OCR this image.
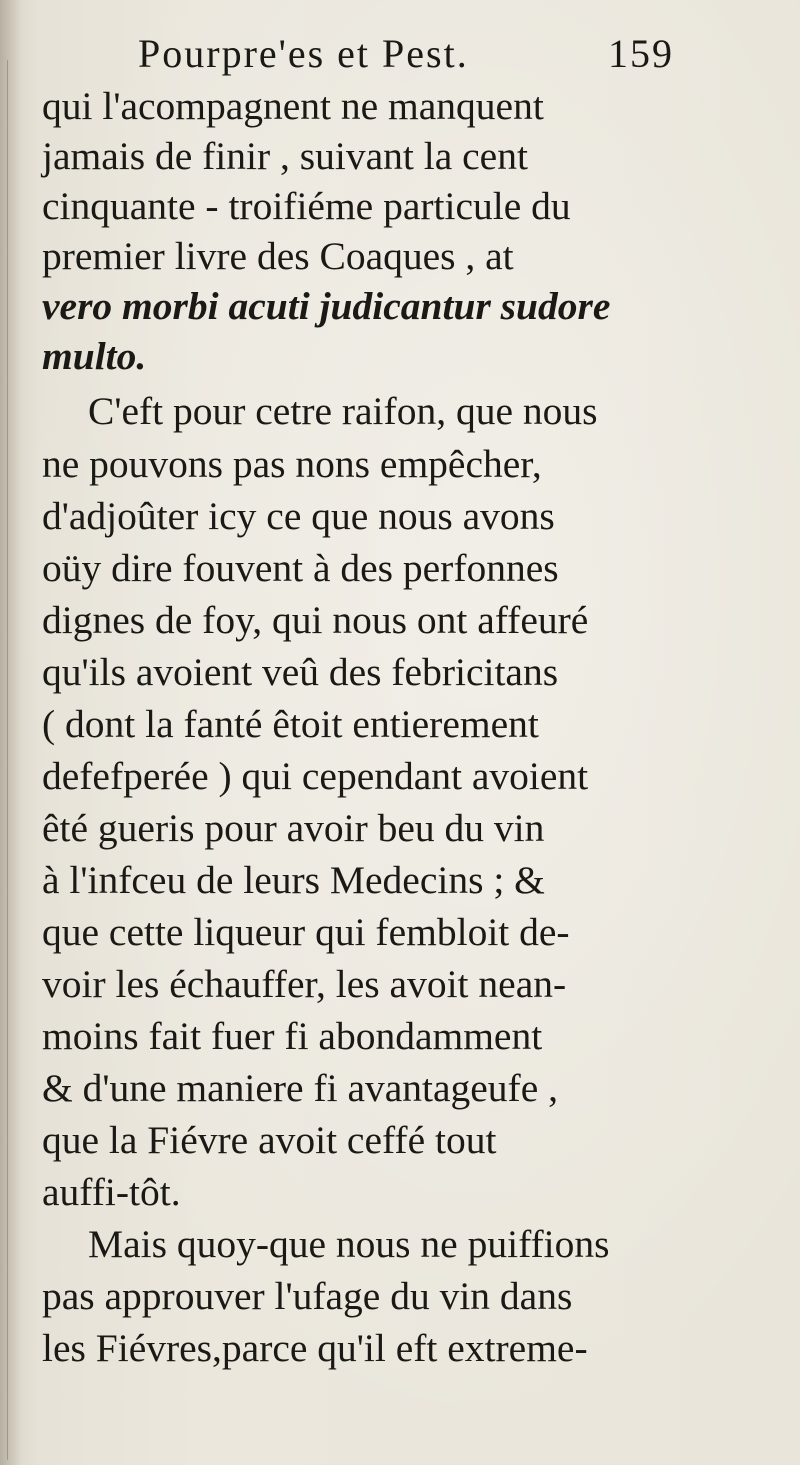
Pourpre'es et Pest.	159
qui l'acompagnent ne manquent
jamais de finir , suivant la cent
cinquante - troifiéme particule du
premier livre des Coaques , at
vero morbi acuti judicantur sudore
multo.
C'eft pour cetre raifon, que nous
ne pouvons pas nons empêcher,
d'adjoûter icy ce que nous avons
oüy dire fouvent à des perfonnes
dignes de foy, qui nous ont affeuré
qu'ils avoient veû des febricitans
( dont la fanté êtoit entierement
defefperée ) qui cependant avoient
êté gueris pour avoir beu du vin
à l'infceu de leurs Medecins ; &
que cette liqueur qui fembloit de-
voir les échauffer, les avoit nean-
moins fait fuer fi abondamment
& d'une maniere fi avantageufe ,
que la Fiévre avoit ceffé tout
auffi-tôt.
Mais quoy-que nous ne puiffions
pas approuver l'ufage du vin dans
les Fiévres,parce qu'il eft extreme-
